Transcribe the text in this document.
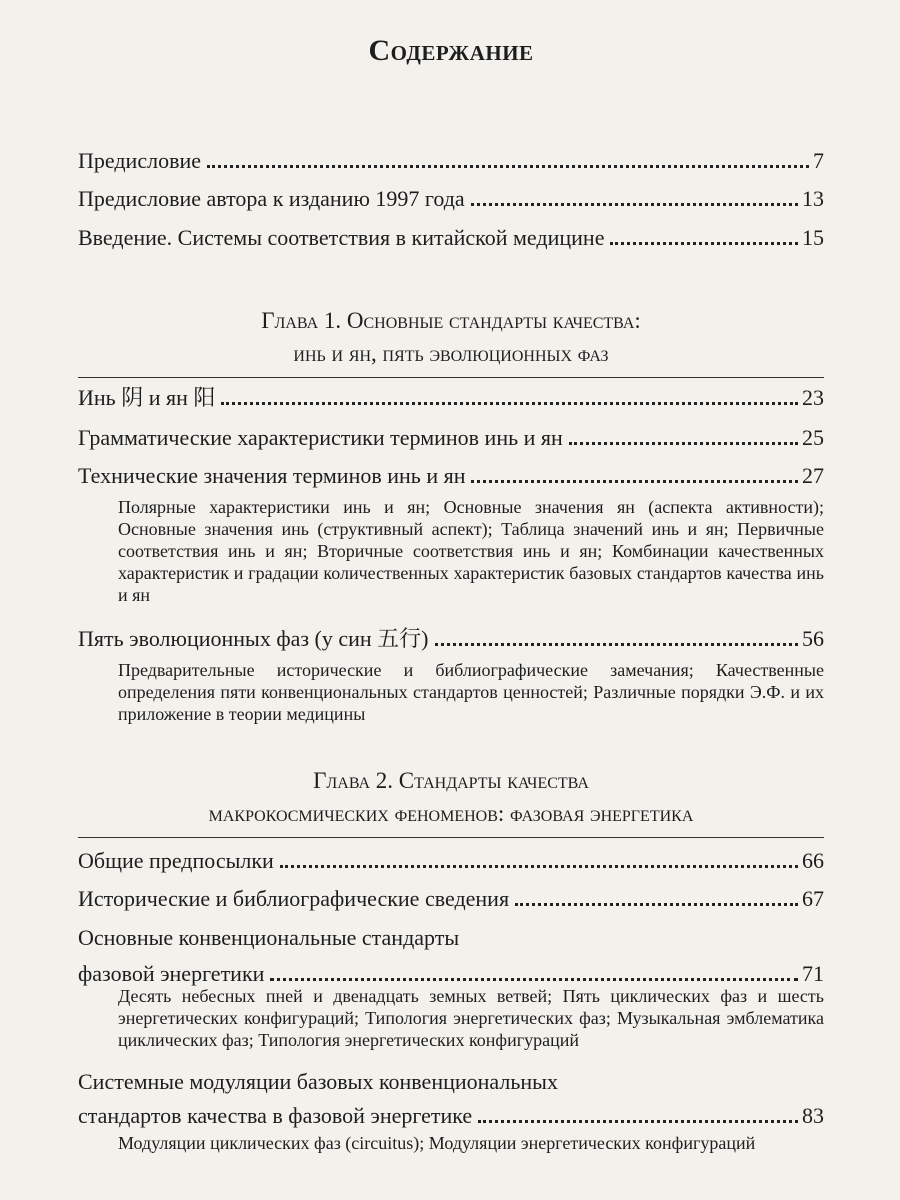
Содержание
Предисловие	7
Предисловие автора к изданию 1997 года	13
Введение. Системы соответствия в китайской медицине	15
Глава 1. Основные стандарты качества:
инь и ян, пять эволюционных фаз
Инь 阴 и ян 阳	23
Грамматические характеристики терминов инь и ян	25
Технические значения терминов инь и ян	27
Полярные характеристики инь и ян; Основные значения ян (аспекта активности); Основные значения инь (структивный аспект); Таблица значений инь и ян; Первичные соответствия инь и ян; Вторичные соответствия инь и ян; Комбинации качественных характеристик и градации количественных характеристик базовых стандартов качества инь и ян
Пять эволюционных фаз (у син 五行)	56
Предварительные исторические и библиографические замечания; Качественные определения пяти конвенциональных стандартов ценностей; Различные порядки Э.Ф. и их приложение в теории медицины
Глава 2. Стандарты качества
макрокосмических феноменов: фазовая энергетика
Общие предпосылки	66
Исторические и библиографические сведения	67
Основные конвенциональные стандарты
фазовой энергетики	71
Десять небесных пней и двенадцать земных ветвей; Пять циклических фаз и шесть энергетических конфигураций; Типология энергетических фаз; Музыкальная эмблематика циклических фаз; Типология энергетических конфигураций
Системные модуляции базовых конвенциональных
стандартов качества в фазовой энергетике	83
Модуляции циклических фаз (circuitus); Модуляции энергетических конфигураций
